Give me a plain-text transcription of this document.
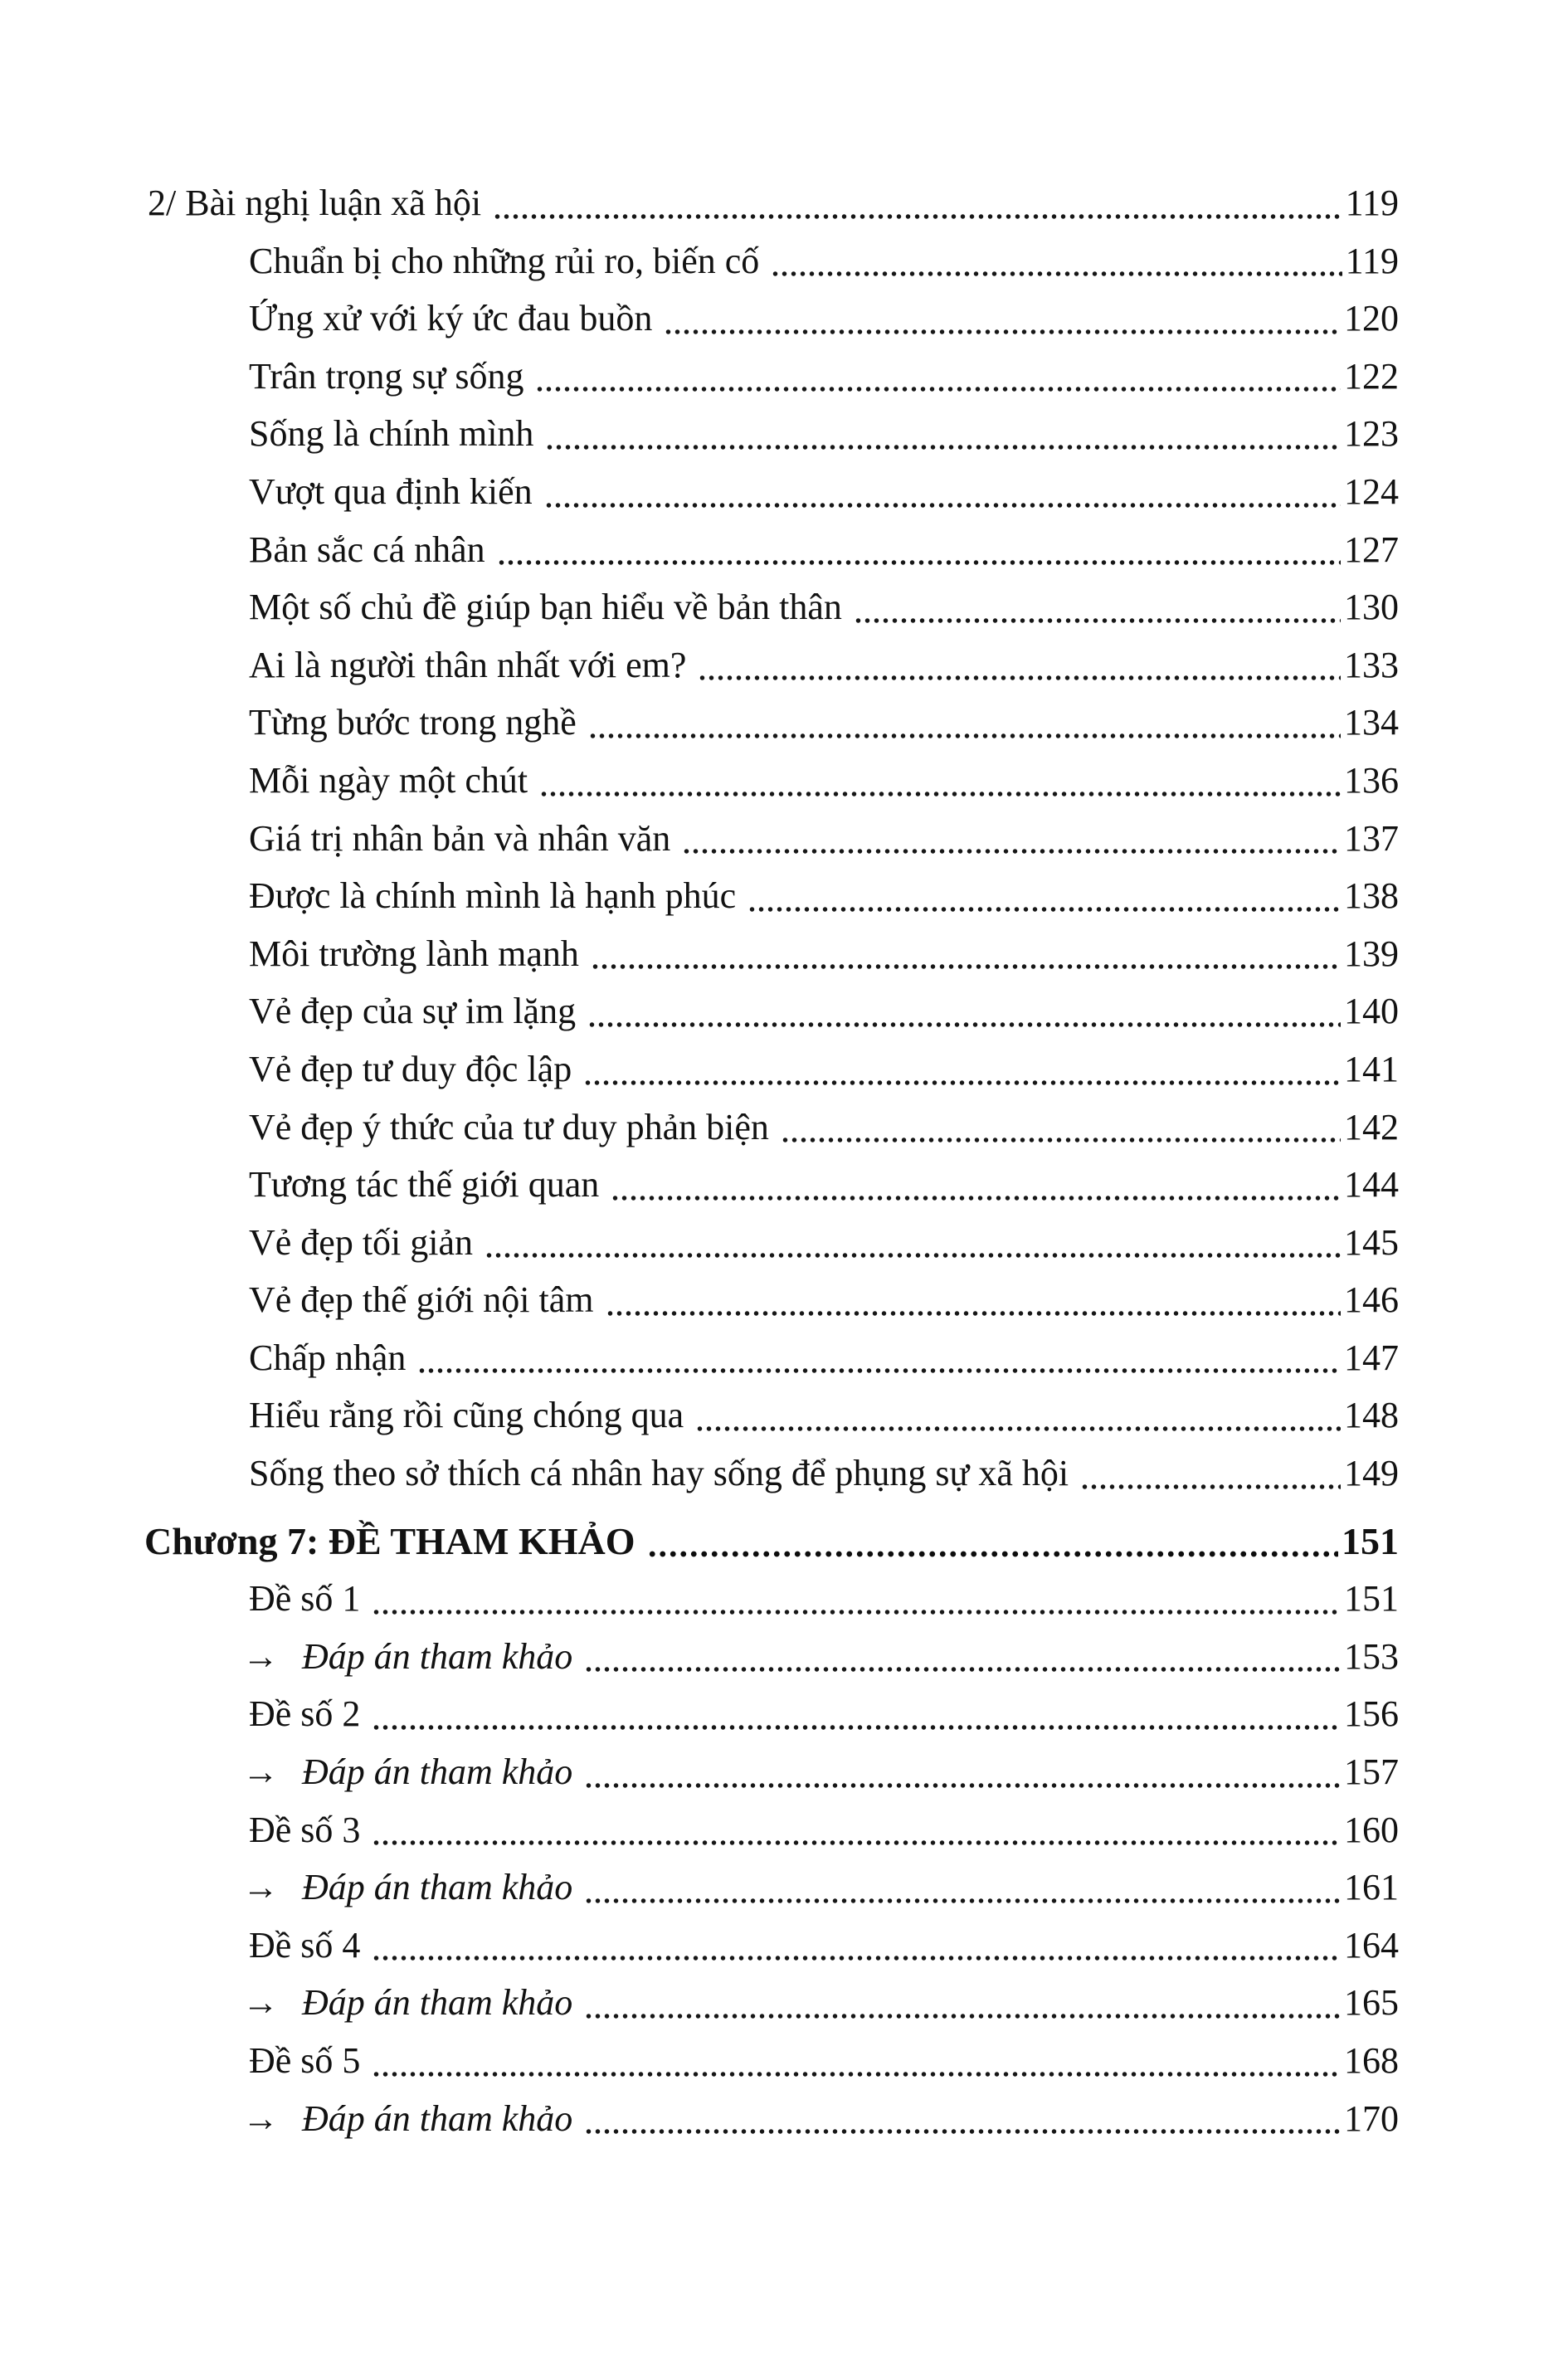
2/ Bài nghị luận xã hội	119
Chuẩn bị cho những rủi ro, biến cố	119
Ứng xử với ký ức đau buồn	120
Trân trọng sự sống	122
Sống là chính mình	123
Vượt qua định kiến	124
Bản sắc cá nhân	127
Một số chủ đề giúp bạn hiểu về bản thân	130
Ai là người thân nhất với em?	133
Từng bước trong nghề	134
Mỗi ngày một chút	136
Giá trị nhân bản và nhân văn	137
Được là chính mình là hạnh phúc	138
Môi trường lành mạnh	139
Vẻ đẹp của sự im lặng	140
Vẻ đẹp tư duy độc lập	141
Vẻ đẹp ý thức của tư duy phản biện	142
Tương tác thế giới quan	144
Vẻ đẹp tối giản	145
Vẻ đẹp thế giới nội tâm	146
Chấp nhận	147
Hiểu rằng rồi cũng chóng qua	148
Sống theo sở thích cá nhân hay sống để phụng sự xã hội	149
Chương 7: ĐỀ THAM KHẢO	151
Đề số 1	151
→ Đáp án tham khảo	153
Đề số 2	156
→ Đáp án tham khảo	157
Đề số 3	160
→ Đáp án tham khảo	161
Đề số 4	164
→ Đáp án tham khảo	165
Đề số 5	168
→ Đáp án tham khảo	170
